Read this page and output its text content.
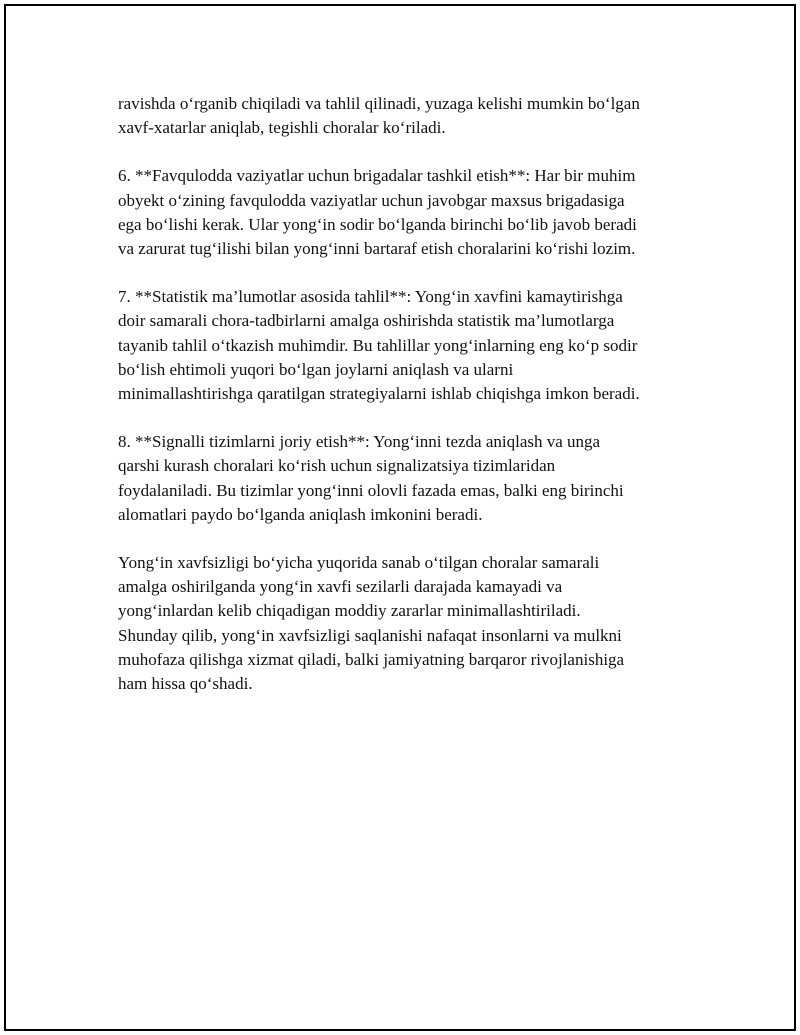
ravishda o‘rganib chiqiladi va tahlil qilinadi, yuzaga kelishi mumkin bo‘lgan
xavf-xatarlar aniqlab, tegishli choralar ko‘riladi.
6. **Favqulodda vaziyatlar uchun brigadalar tashkil etish**: Har bir muhim
obyekt o‘zining favqulodda vaziyatlar uchun javobgar maxsus brigadasiga
ega bo‘lishi kerak. Ular yong‘in sodir bo‘lganda birinchi bo‘lib javob beradi
va zarurat tug‘ilishi bilan yong‘inni bartaraf etish choralarini ko‘rishi lozim.
7. **Statistik ma’lumotlar asosida tahlil**: Yong‘in xavfini kamaytirishga
doir samarali chora-tadbirlarni amalga oshirishda statistik ma’lumotlarga
tayanib tahlil o‘tkazish muhimdir. Bu tahlillar yong‘inlarning eng ko‘p sodir
bo‘lish ehtimoli yuqori bo‘lgan joylarni aniqlash va ularni
minimallashtirishga qaratilgan strategiyalarni ishlab chiqishga imkon beradi.
8. **Signalli tizimlarni joriy etish**: Yong‘inni tezda aniqlash va unga
qarshi kurash choralari ko‘rish uchun signalizatsiya tizimlaridan
foydalaniladi. Bu tizimlar yong‘inni olovli fazada emas, balki eng birinchi
alomatlari paydo bo‘lganda aniqlash imkonini beradi.
Yong‘in xavfsizligi bo‘yicha yuqorida sanab o‘tilgan choralar samarali
amalga oshirilganda yong‘in xavfi sezilarli darajada kamayadi va
yong‘inlardan kelib chiqadigan moddiy zararlar minimallashtiriladi.
Shunday qilib, yong‘in xavfsizligi saqlanishi nafaqat insonlarni va mulkni
muhofaza qilishga xizmat qiladi, balki jamiyatning barqaror rivojlanishiga
ham hissa qo‘shadi.
